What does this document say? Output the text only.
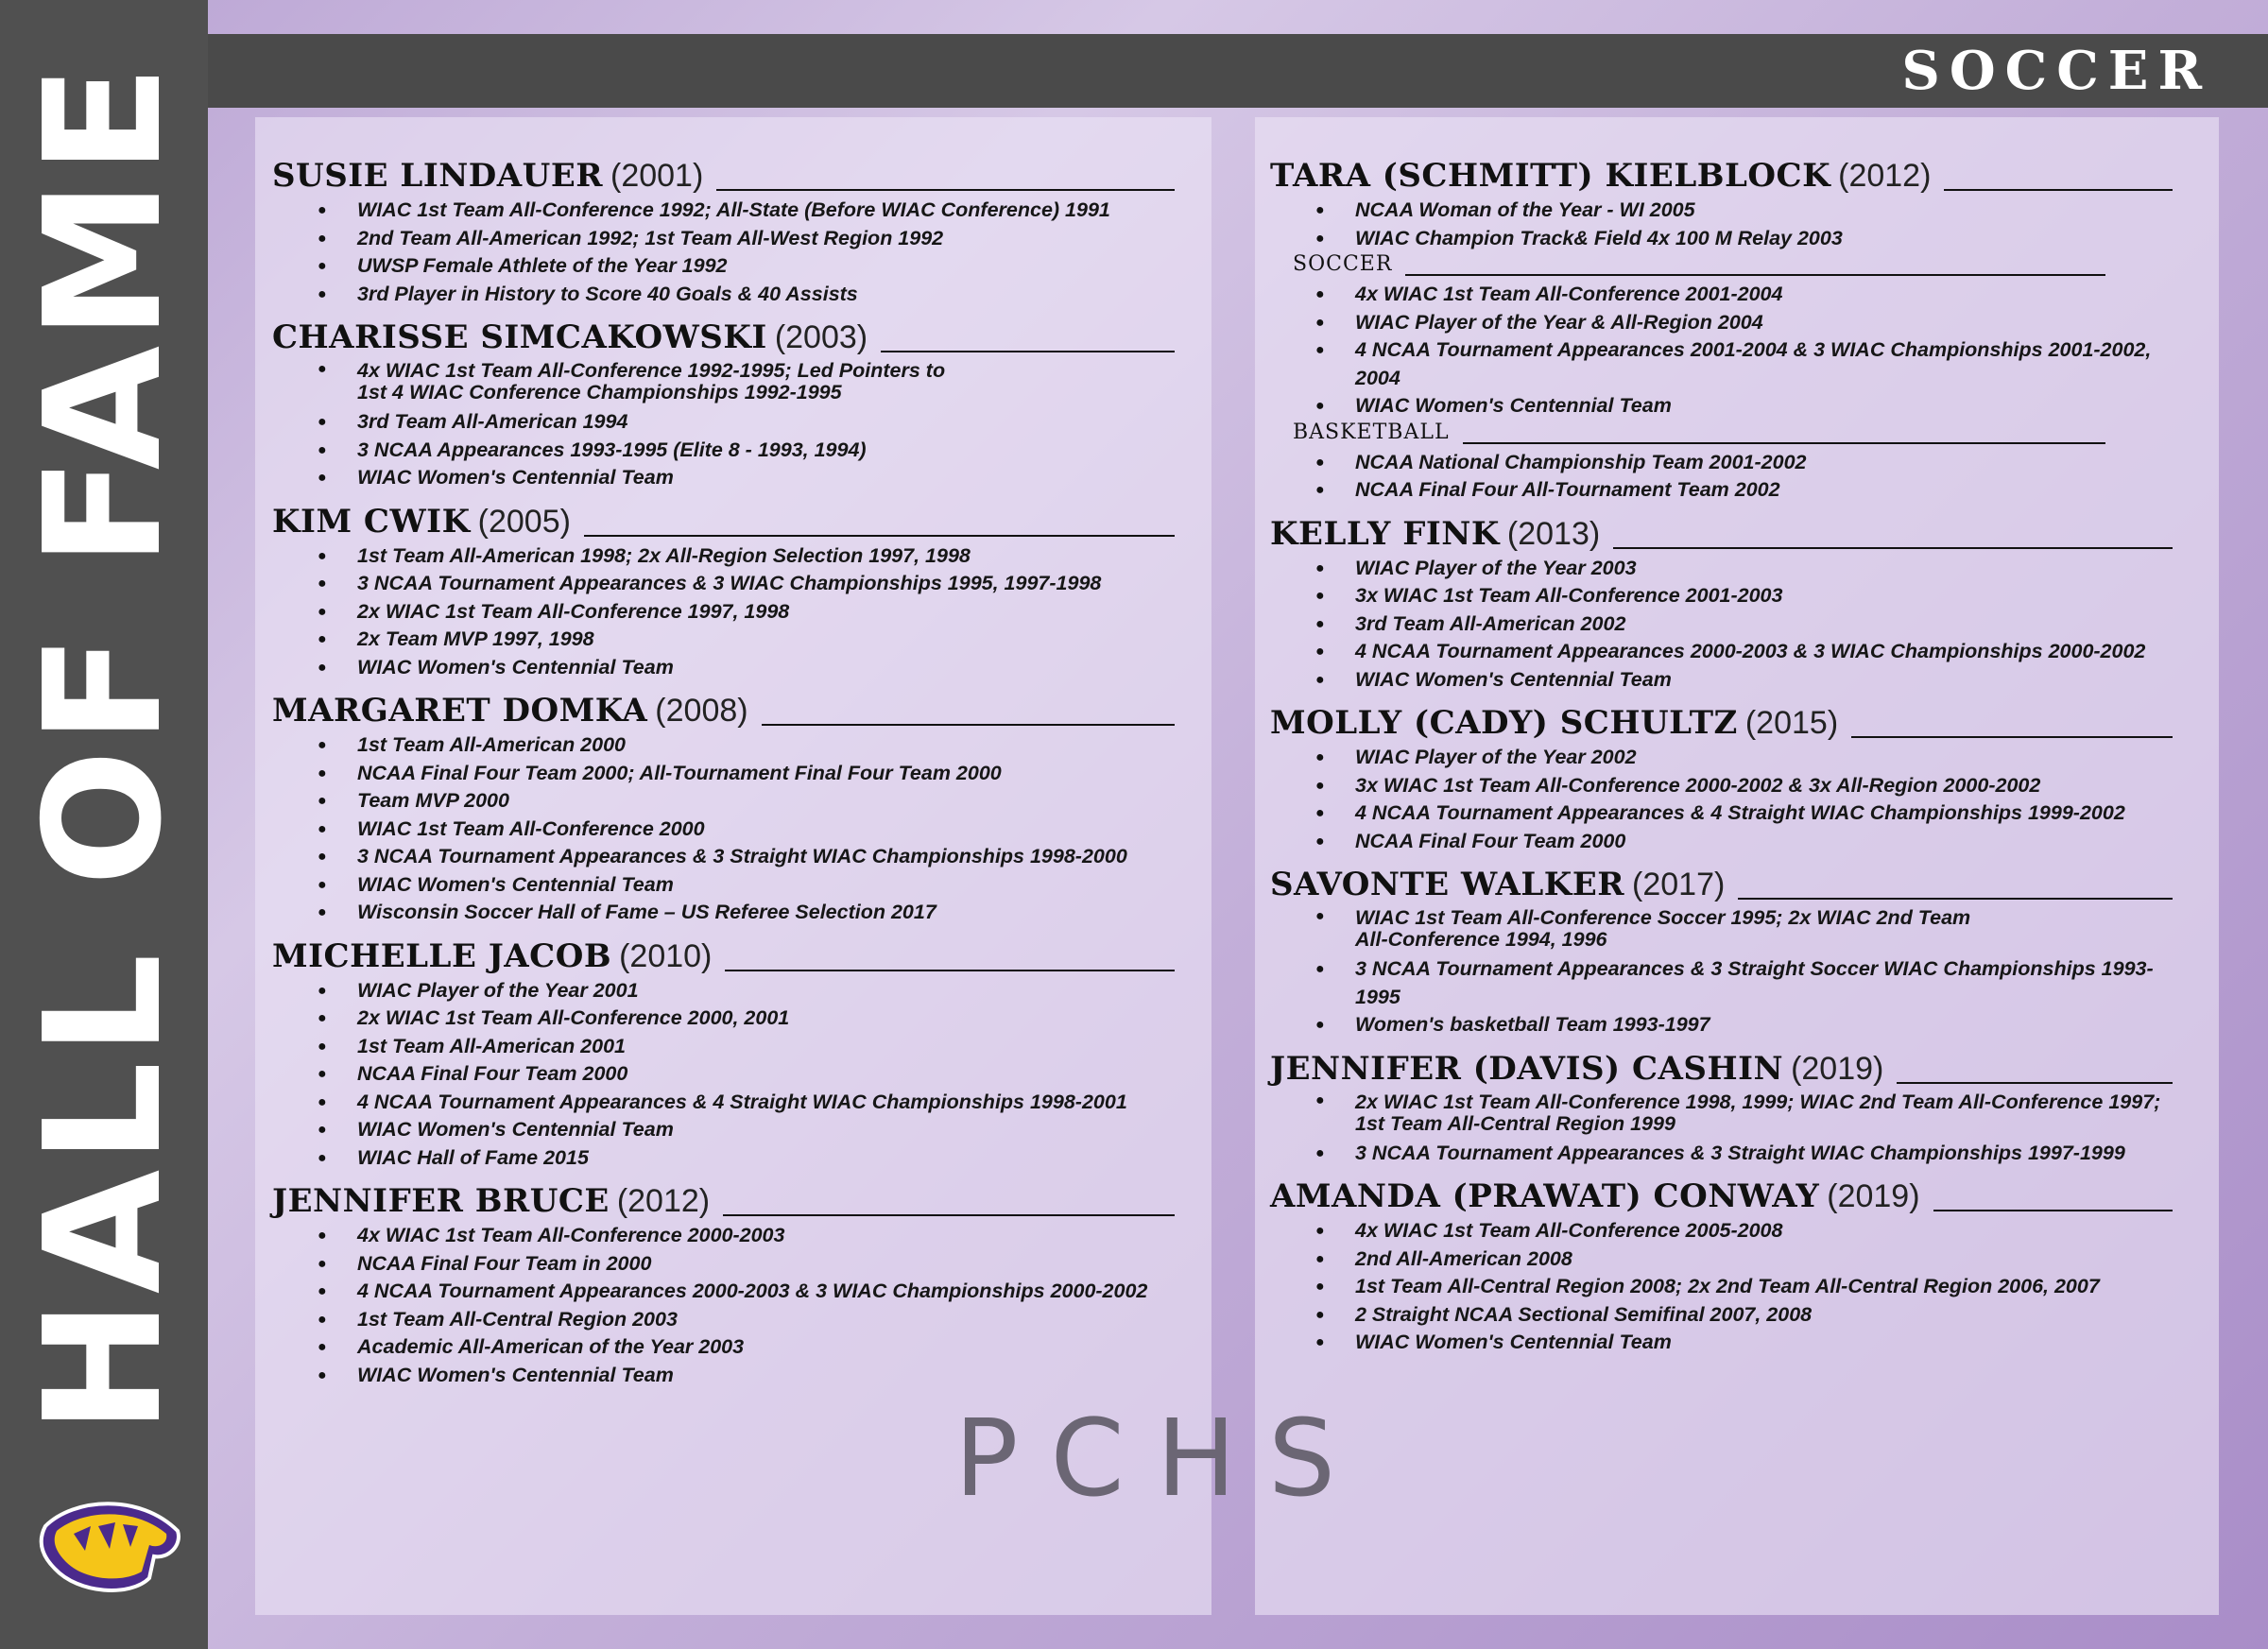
HALL OF FAME	SOCCER
SUSIE LINDAUER (2001)
● WIAC 1st Team All-Conference 1992; All-State (Before WIAC Conference) 1991
● 2nd Team All-American 1992; 1st Team All-West Region 1992
● UWSP Female Athlete of the Year 1992
● 3rd Player in History to Score 40 Goals & 40 Assists
CHARISSE SIMCAKOWSKI (2003)
● 4x WIAC 1st Team All-Conference 1992-1995; Led Pointers to
1st 4 WIAC Conference Championships 1992-1995
● 3rd Team All-American 1994
● 3 NCAA Appearances 1993-1995 (Elite 8 - 1993, 1994)
● WIAC Women's Centennial Team
KIM CWIK (2005)
● 1st Team All-American 1998; 2x All-Region Selection 1997, 1998
● 3 NCAA Tournament Appearances & 3 WIAC Championships 1995, 1997-1998
● 2x WIAC 1st Team All-Conference 1997, 1998
● 2x Team MVP 1997, 1998
● WIAC Women's Centennial Team
MARGARET DOMKA (2008)
● 1st Team All-American 2000
● NCAA Final Four Team 2000; All-Tournament Final Four Team 2000
● Team MVP 2000
● WIAC 1st Team All-Conference 2000
● 3 NCAA Tournament Appearances & 3 Straight WIAC Championships 1998-2000
● WIAC Women's Centennial Team
● Wisconsin Soccer Hall of Fame – US Referee Selection 2017
MICHELLE JACOB (2010)
● WIAC Player of the Year 2001
● 2x WIAC 1st Team All-Conference 2000, 2001
● 1st Team All-American 2001
● NCAA Final Four Team 2000
● 4 NCAA Tournament Appearances & 4 Straight WIAC Championships 1998-2001
● WIAC Women's Centennial Team
● WIAC Hall of Fame 2015
JENNIFER BRUCE (2012)
● 4x WIAC 1st Team All-Conference 2000-2003
● NCAA Final Four Team in 2000
● 4 NCAA Tournament Appearances 2000-2003 & 3 WIAC Championships 2000-2002
● 1st Team All-Central Region 2003
● Academic All-American of the Year 2003
● WIAC Women's Centennial Team
TARA (SCHMITT) KIELBLOCK (2012)
● NCAA Woman of the Year - WI 2005
● WIAC Champion Track& Field 4x 100 M Relay 2003
SOCCER
● 4x WIAC 1st Team All-Conference 2001-2004
● WIAC Player of the Year & All-Region 2004
● 4 NCAA Tournament Appearances 2001-2004 & 3 WIAC Championships 2001-2002, 2004
● WIAC Women's Centennial Team
BASKETBALL
● NCAA National Championship Team 2001-2002
● NCAA Final Four All-Tournament Team 2002
KELLY FINK (2013)
● WIAC Player of the Year 2003
● 3x WIAC 1st Team All-Conference 2001-2003
● 3rd Team All-American 2002
● 4 NCAA Tournament Appearances 2000-2003 & 3 WIAC Championships 2000-2002
● WIAC Women's Centennial Team
MOLLY (CADY) SCHULTZ (2015)
● WIAC Player of the Year 2002
● 3x WIAC 1st Team All-Conference 2000-2002 & 3x All-Region 2000-2002
● 4 NCAA Tournament Appearances & 4 Straight WIAC Championships 1999-2002
● NCAA Final Four Team 2000
SAVONTE WALKER (2017)
● WIAC 1st Team All-Conference Soccer 1995; 2x WIAC 2nd Team
All-Conference 1994, 1996
● 3 NCAA Tournament Appearances & 3 Straight Soccer WIAC Championships 1993-1995
● Women's basketball Team 1993-1997
JENNIFER (DAVIS) CASHIN (2019)
● 2x WIAC 1st Team All-Conference 1998, 1999; WIAC 2nd Team All-Conference 1997;
1st Team All-Central Region 1999
● 3 NCAA Tournament Appearances & 3 Straight WIAC Championships 1997-1999
AMANDA (PRAWAT) CONWAY (2019)
● 4x WIAC 1st Team All-Conference 2005-2008
● 2nd All-American 2008
● 1st Team All-Central Region 2008; 2x 2nd Team All-Central Region 2006, 2007
● 2 Straight NCAA Sectional Semifinal 2007, 2008
● WIAC Women's Centennial Team
PCHS
